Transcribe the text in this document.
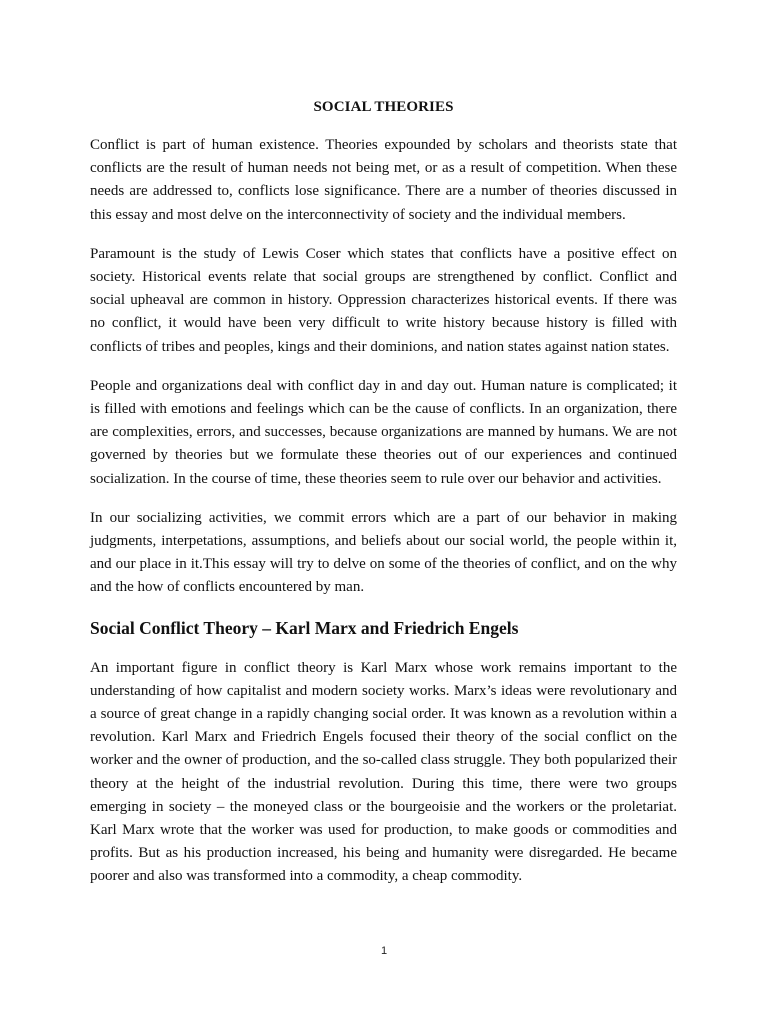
SOCIAL THEORIES

Conflict is part of human existence. Theories expounded by scholars and theorists state that conflicts are the result of human needs not being met, or as a result of competition. When these needs are addressed to, conflicts lose significance. There are a number of theories discussed in this essay and most delve on the interconnectivity of society and the individual members.

Paramount is the study of Lewis Coser which states that conflicts have a positive effect on society. Historical events relate that social groups are strengthened by conflict. Conflict and social upheaval are common in history. Oppression characterizes historical events. If there was no conflict, it would have been very difficult to write history because history is filled with conflicts of tribes and peoples, kings and their dominions, and nation states against nation states.

People and organizations deal with conflict day in and day out. Human nature is complicated; it is filled with emotions and feelings which can be the cause of conflicts. In an organization, there are complexities, errors, and successes, because organizations are manned by humans. We are not governed by theories but we formulate these theories out of our experiences and continued socialization. In the course of time, these theories seem to rule over our behavior and activities.

In our socializing activities, we commit errors which are a part of our behavior in making judgments, interpetations, assumptions, and beliefs about our social world, the people within it, and our place in it.This essay will try to delve on some of the theories of conflict, and on the why and the how of conflicts encountered by man.

Social Conflict Theory – Karl Marx and Friedrich Engels

An important figure in conflict theory is Karl Marx whose work remains important to the understanding of how capitalist and modern society works. Marx’s ideas were revolutionary and a source of great change in a rapidly changing social order. It was known as a revolution within a revolution. Karl Marx and Friedrich Engels focused their theory of the social conflict on the worker and the owner of production, and the so-called class struggle. They both popularized their theory at the height of the industrial revolution. During this time, there were two groups emerging in society – the moneyed class or the bourgeoisie and the workers or the proletariat. Karl Marx wrote that the worker was used for production, to make goods or commodities and profits. But as his production increased, his being and humanity were disregarded. He became poorer and also was transformed into a commodity, a cheap commodity.

1
